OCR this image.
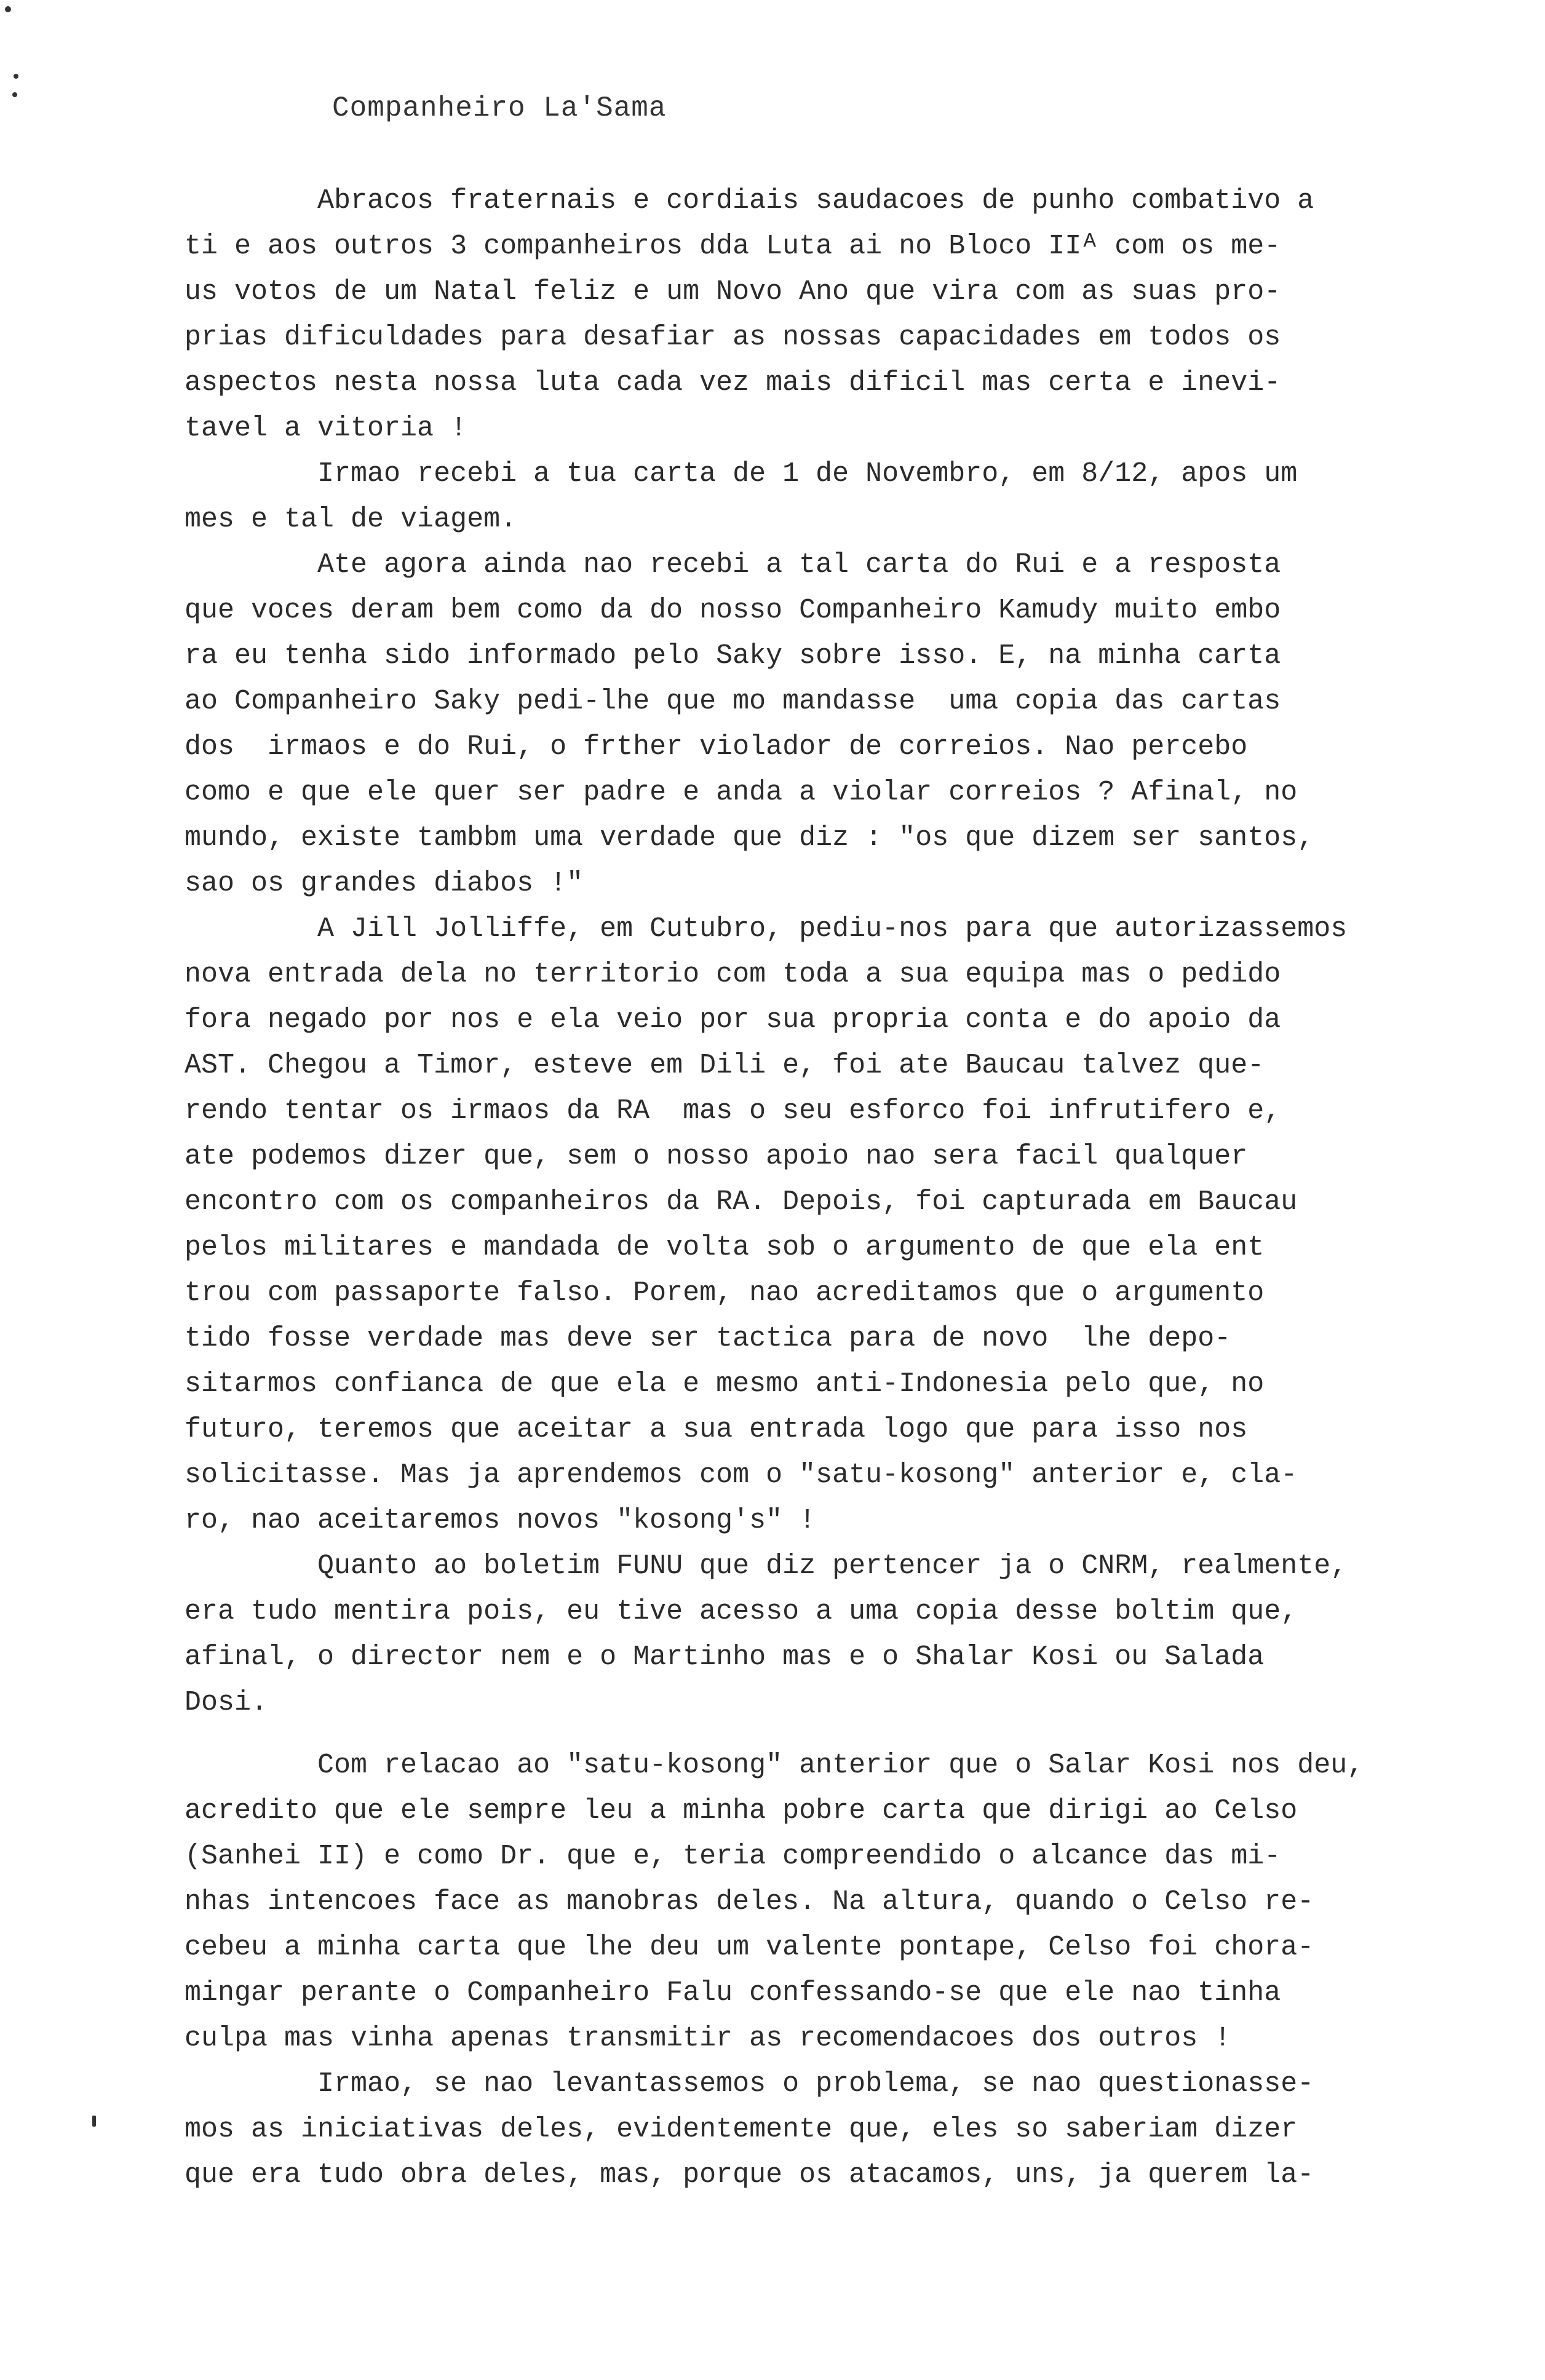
Companheiro La'Sama
Abracos fraternais e cordiais saudacoes de punho combativo a
ti e aos outros 3 companheiros dda Luta ai no Bloco IIᴬ com os me-
us votos de um Natal feliz e um Novo Ano que vira com as suas pro-
prias dificuldades para desafiar as nossas capacidades em todos os
aspectos nesta nossa luta cada vez mais dificil mas certa e inevi-
tavel a vitoria !
Irmao recebi a tua carta de 1 de Novembro, em 8/12, apos um
mes e tal de viagem.
Ate agora ainda nao recebi a tal carta do Rui e a resposta
que voces deram bem como da do nosso Companheiro Kamudy muito embo
ra eu tenha sido informado pelo Saky sobre isso. E, na minha carta
ao Companheiro Saky pedi-lhe que mo mandasse  uma copia das cartas
dos  irmaos e do Rui, o frther violador de correios. Nao percebo
como e que ele quer ser padre e anda a violar correios ? Afinal, no
mundo, existe tambbm uma verdade que diz : "os que dizem ser santos,
sao os grandes diabos !"
A Jill Jolliffe, em Cutubro, pediu-nos para que autorizassemos
nova entrada dela no territorio com toda a sua equipa mas o pedido
fora negado por nos e ela veio por sua propria conta e do apoio da
AST. Chegou a Timor, esteve em Dili e, foi ate Baucau talvez que-
rendo tentar os irmaos da RA  mas o seu esforco foi infrutifero e,
ate podemos dizer que, sem o nosso apoio nao sera facil qualquer
encontro com os companheiros da RA. Depois, foi capturada em Baucau
pelos militares e mandada de volta sob o argumento de que ela ent
trou com passaporte falso. Porem, nao acreditamos que o argumento
tido fosse verdade mas deve ser tactica para de novo  lhe depo-
sitarmos confianca de que ela e mesmo anti-Indonesia pelo que, no
futuro, teremos que aceitar a sua entrada logo que para isso nos
solicitasse. Mas ja aprendemos com o "satu-kosong" anterior e, cla-
ro, nao aceitaremos novos "kosong's" !
Quanto ao boletim FUNU que diz pertencer ja o CNRM, realmente,
era tudo mentira pois, eu tive acesso a uma copia desse boltim que,
afinal, o director nem e o Martinho mas e o Shalar Kosi ou Salada
Dosi.
Com relacao ao "satu-kosong" anterior que o Salar Kosi nos deu,
acredito que ele sempre leu a minha pobre carta que dirigi ao Celso
(Sanhei II) e como Dr. que e, teria compreendido o alcance das mi-
nhas intencoes face as manobras deles. Na altura, quando o Celso re-
cebeu a minha carta que lhe deu um valente pontape, Celso foi chora-
mingar perante o Companheiro Falu confessando-se que ele nao tinha
culpa mas vinha apenas transmitir as recomendacoes dos outros !
Irmao, se nao levantassemos o problema, se nao questionasse-
mos as iniciativas deles, evidentemente que, eles so saberiam dizer
que era tudo obra deles, mas, porque os atacamos, uns, ja querem la-
